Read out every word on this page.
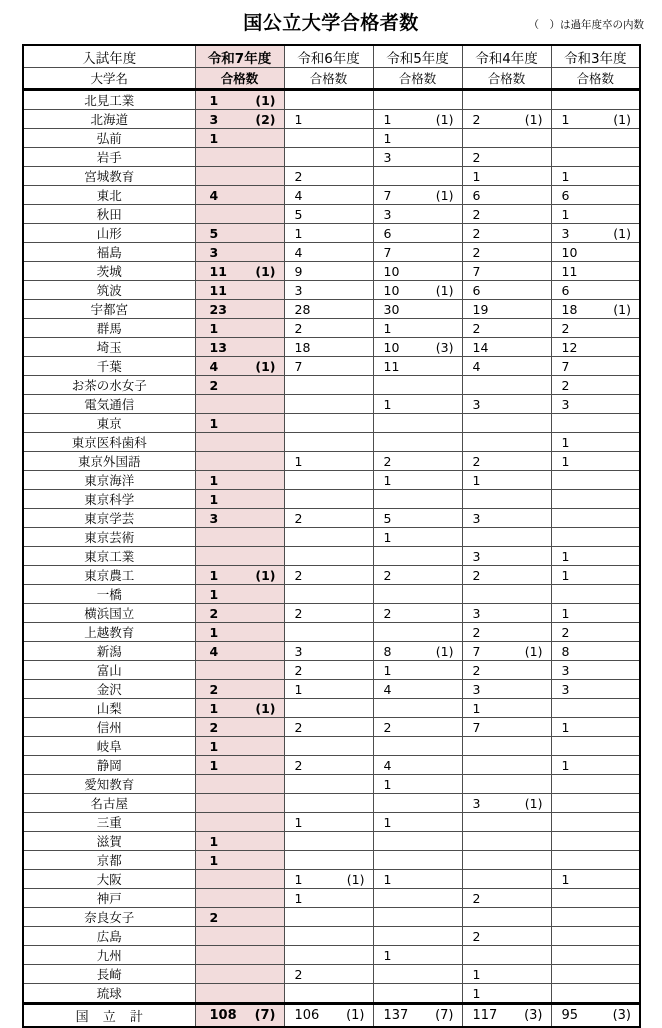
国公立大学合格者数	（　）は過年度卒の内数
入試年度	令和7年度	令和6年度	令和5年度	令和4年度	令和3年度
大学名	合格数	合格数	合格数	合格数	合格数
北見工業	1 (1)				

北海道	3 (2)	1	1 (1)	2 (1)	1 (1)

弘前	1		1		

岩手			3	2	

宮城教育		2		1	1

東北	4	4	7 (1)	6	6

秋田		5	3	2	1

山形	5	1	6	2	3 (1)

福島	3	4	7	2	10

茨城	11 (1)	9	10	7	11

筑波	11	3	10 (1)	6	6

宇都宮	23	28	30	19	18 (1)

群馬	1	2	1	2	2

埼玉	13	18	10 (3)	14	12

千葉	4 (1)	7	11	4	7

お茶の水女子	2				2

電気通信			1	3	3

東京	1				

東京医科歯科					1

東京外国語		1	2	2	1

東京海洋	1		1	1	

東京科学	1				

東京学芸	3	2	5	3	

東京芸術			1		

東京工業				3	1

東京農工	1 (1)	2	2	2	1

一橋	1				

横浜国立	2	2	2	3	1

上越教育	1			2	2

新潟	4	3	8 (1)	7 (1)	8

富山		2	1	2	3

金沢	2	1	4	3	3

山梨	1 (1)			1	

信州	2	2	2	7	1

岐阜	1				

静岡	1	2	4		1

愛知教育			1		

名古屋				3 (1)	

三重		1	1		

滋賀	1				

京都	1				

大阪		1 (1)	1		1

神戸		1		2	

奈良女子	2				

広島				2	

九州			1		

長崎		2		1	

琉球				1	

国 立 計	108 (7)	106 (1)	137 (7)	117 (3)	95 (3)
